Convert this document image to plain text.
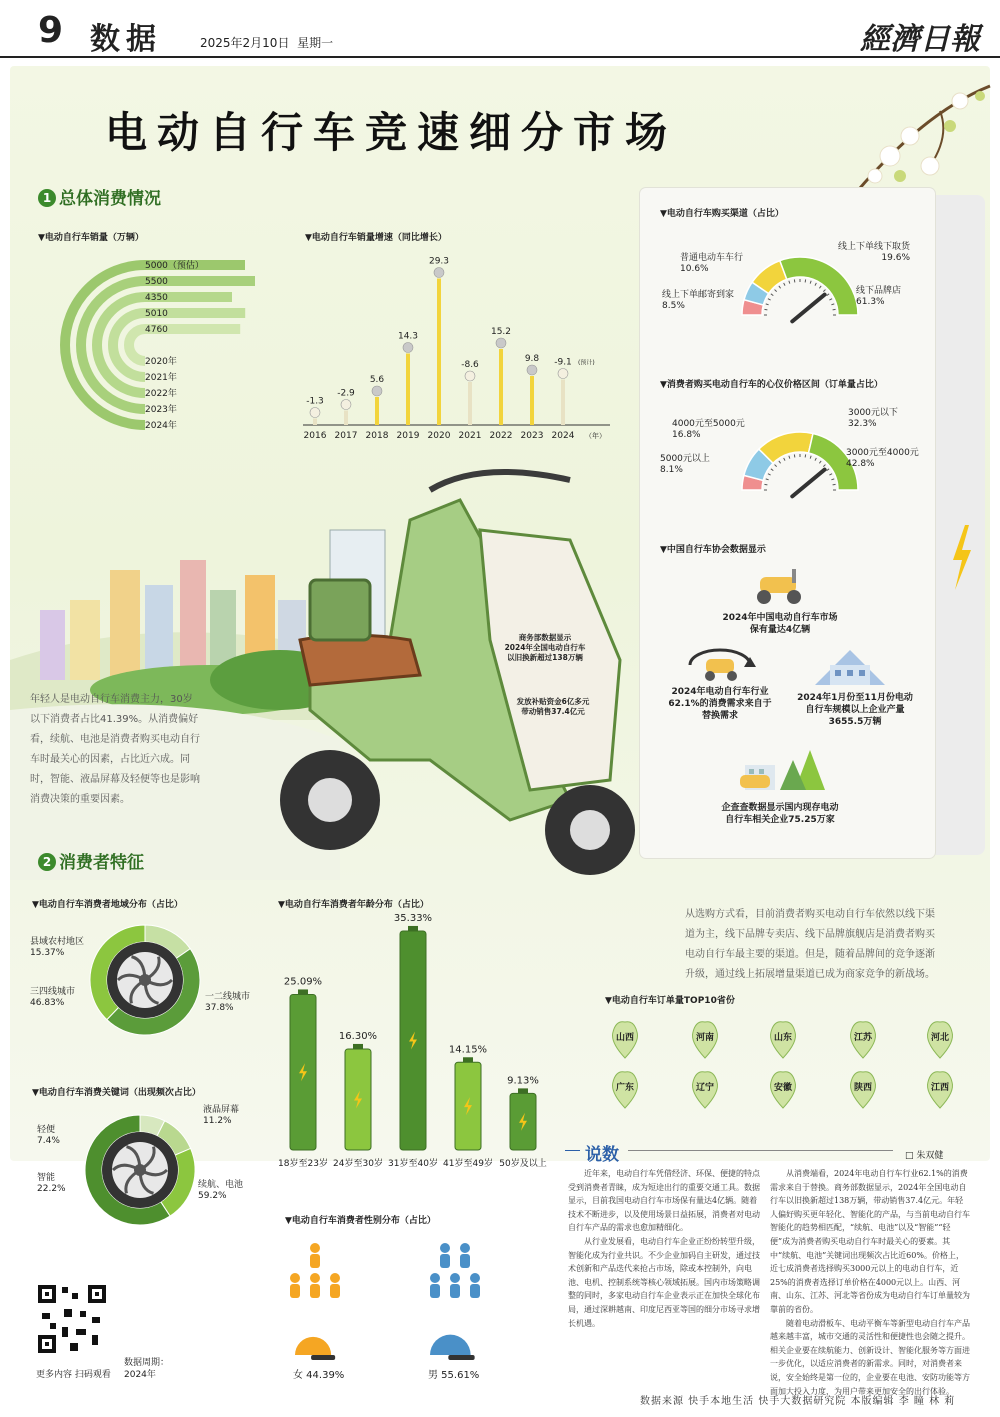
9 数据	2025年2月10日 星期一	經濟日報
电动自行车竞速细分市场
1 总体消费情况
▼电动自行车销量（万辆）
5000（预估）
2024年
5500
2023年
4350
2022年
5010
2021年
4760
2020年
▼电动自行车销量增速（同比增长）
-1.3
2016
-2.9
2017
5.6
2018
14.3
2019
29.3
2020
-8.6
2021
15.2
2022
9.8
2023
-9.1
2024
(预计)
（年）
▼电动自行车购买渠道（占比）
普通电动车车行
10.6%
线上下单线下取货
19.6%
线上下单邮寄到家
8.5%
线下品牌店
61.3%
▼消费者购买电动自行车的心仪价格区间（订单量占比）
4000元至5000元
16.8%
3000元以下
32.3%
5000元以上
8.1%
3000元至4000元
42.8%
▼中国自行车协会数据显示
2024年中国电动自行车市场保有量达4亿辆
2024年电动自行车行业62.1%的消费需求来自于替换需求
2024年1月份至11月份电动自行车规模以上企业产量3655.5万辆
企查查数据显示国内现存电动自行车相关企业75.25万家
商务部数据显示
2024年全国电动自行车
以旧换新超过138万辆
发放补贴资金6亿多元
带动销售37.4亿元
年轻人是电动自行车消费主力，30岁以下消费者占比41.39%。从消费偏好看，续航、电池是消费者购买电动自行车时最关心的因素，占比近六成。同时，智能、液晶屏幕及轻便等也是影响消费决策的重要因素。
从选购方式看，目前消费者购买电动自行车依然以线下渠道为主，线下品牌专卖店、线下品牌旗舰店是消费者购买电动自行车最主要的渠道。但是，随着品牌间的竞争逐渐升级，通过线上拓展增量渠道已成为商家竞争的新战场。
2 消费者特征
▼电动自行车消费者地域分布（占比）
县域农村地区
15.37%
三四线城市
46.83%
一二线城市
37.8%
▼电动自行车消费关键词（出现频次占比）
轻便
7.4%
液晶屏幕
11.2%
智能
22.2%	续航、电池
59.2%
▼电动自行车消费者年龄分布（占比）
25.09%
18岁至23岁
16.30%
24岁至30岁
35.33%
31岁至40岁
14.15%
41岁至49岁
9.13%
50岁及以上
▼电动自行车消费者性别分布（占比）
女 44.39%	男 55.61%
▼电动自行车订单量TOP10省份
山西	河南	山东	江苏	河北
广东	辽宁	安徽	陕西	江西
说数	□ 朱双健

近年来，电动自行车凭借经济、环保、便捷的特点受到消费者青睐，成为短途出行的重要交通工具。数据显示，目前我国电动自行车市场保有量达4亿辆。随着技术不断进步，以及使用场景日益拓展，消费者对电动自行车产品的需求也愈加精细化。

从行业发展看，电动自行车企业正纷纷转型升级，智能化成为行业共识。不少企业加码自主研发，通过技术创新和产品迭代来抢占市场，除或本控制外，向电池、电机、控制系统等核心领域拓展。国内市场策略调整的同时，多家电动自行车企业表示正在加快全球化布局，通过深耕越南、印度尼西亚等国的细分市场寻求增长机遇。

从消费端看，2024年电动自行车行业62.1%的消费需求来自于替换。商务部数据显示，2024年全国电动自行车以旧换新超过138万辆，带动销售37.4亿元。年轻人偏好购买更年轻化、智能化的产品，与当前电动自行车智能化的趋势相匹配，“续航、电池”以及“智能”“轻便”成为消费者购买电动自行车时最关心的要素。其中“续航、电池”关键词出现频次占比近60%。价格上，近七成消费者选择购买3000元以上的电动自行车，近25%的消费者选择订单价格在4000元以上。山西、河南、山东、江苏、河北等省份成为电动自行车订单量较为靠前的省份。

随着电动滑板车、电动平衡车等新型电动自行车产品越来越丰富，城市交通的灵活性和便捷性也会随之提升。相关企业要在续航能力、创新设计、智能化服务等方面进一步优化，以适应消费者的新需求。同时，对消费者来说，安全始终是第一位的，企业要在电池、安防功能等方面加大投入力度，为用户带来更加安全的出行体验。

更多内容 扫码观看
数据周期：
2024年
数据来源 快手本地生活 快手大数据研究院 本版编辑 李 瞳 林 莉
